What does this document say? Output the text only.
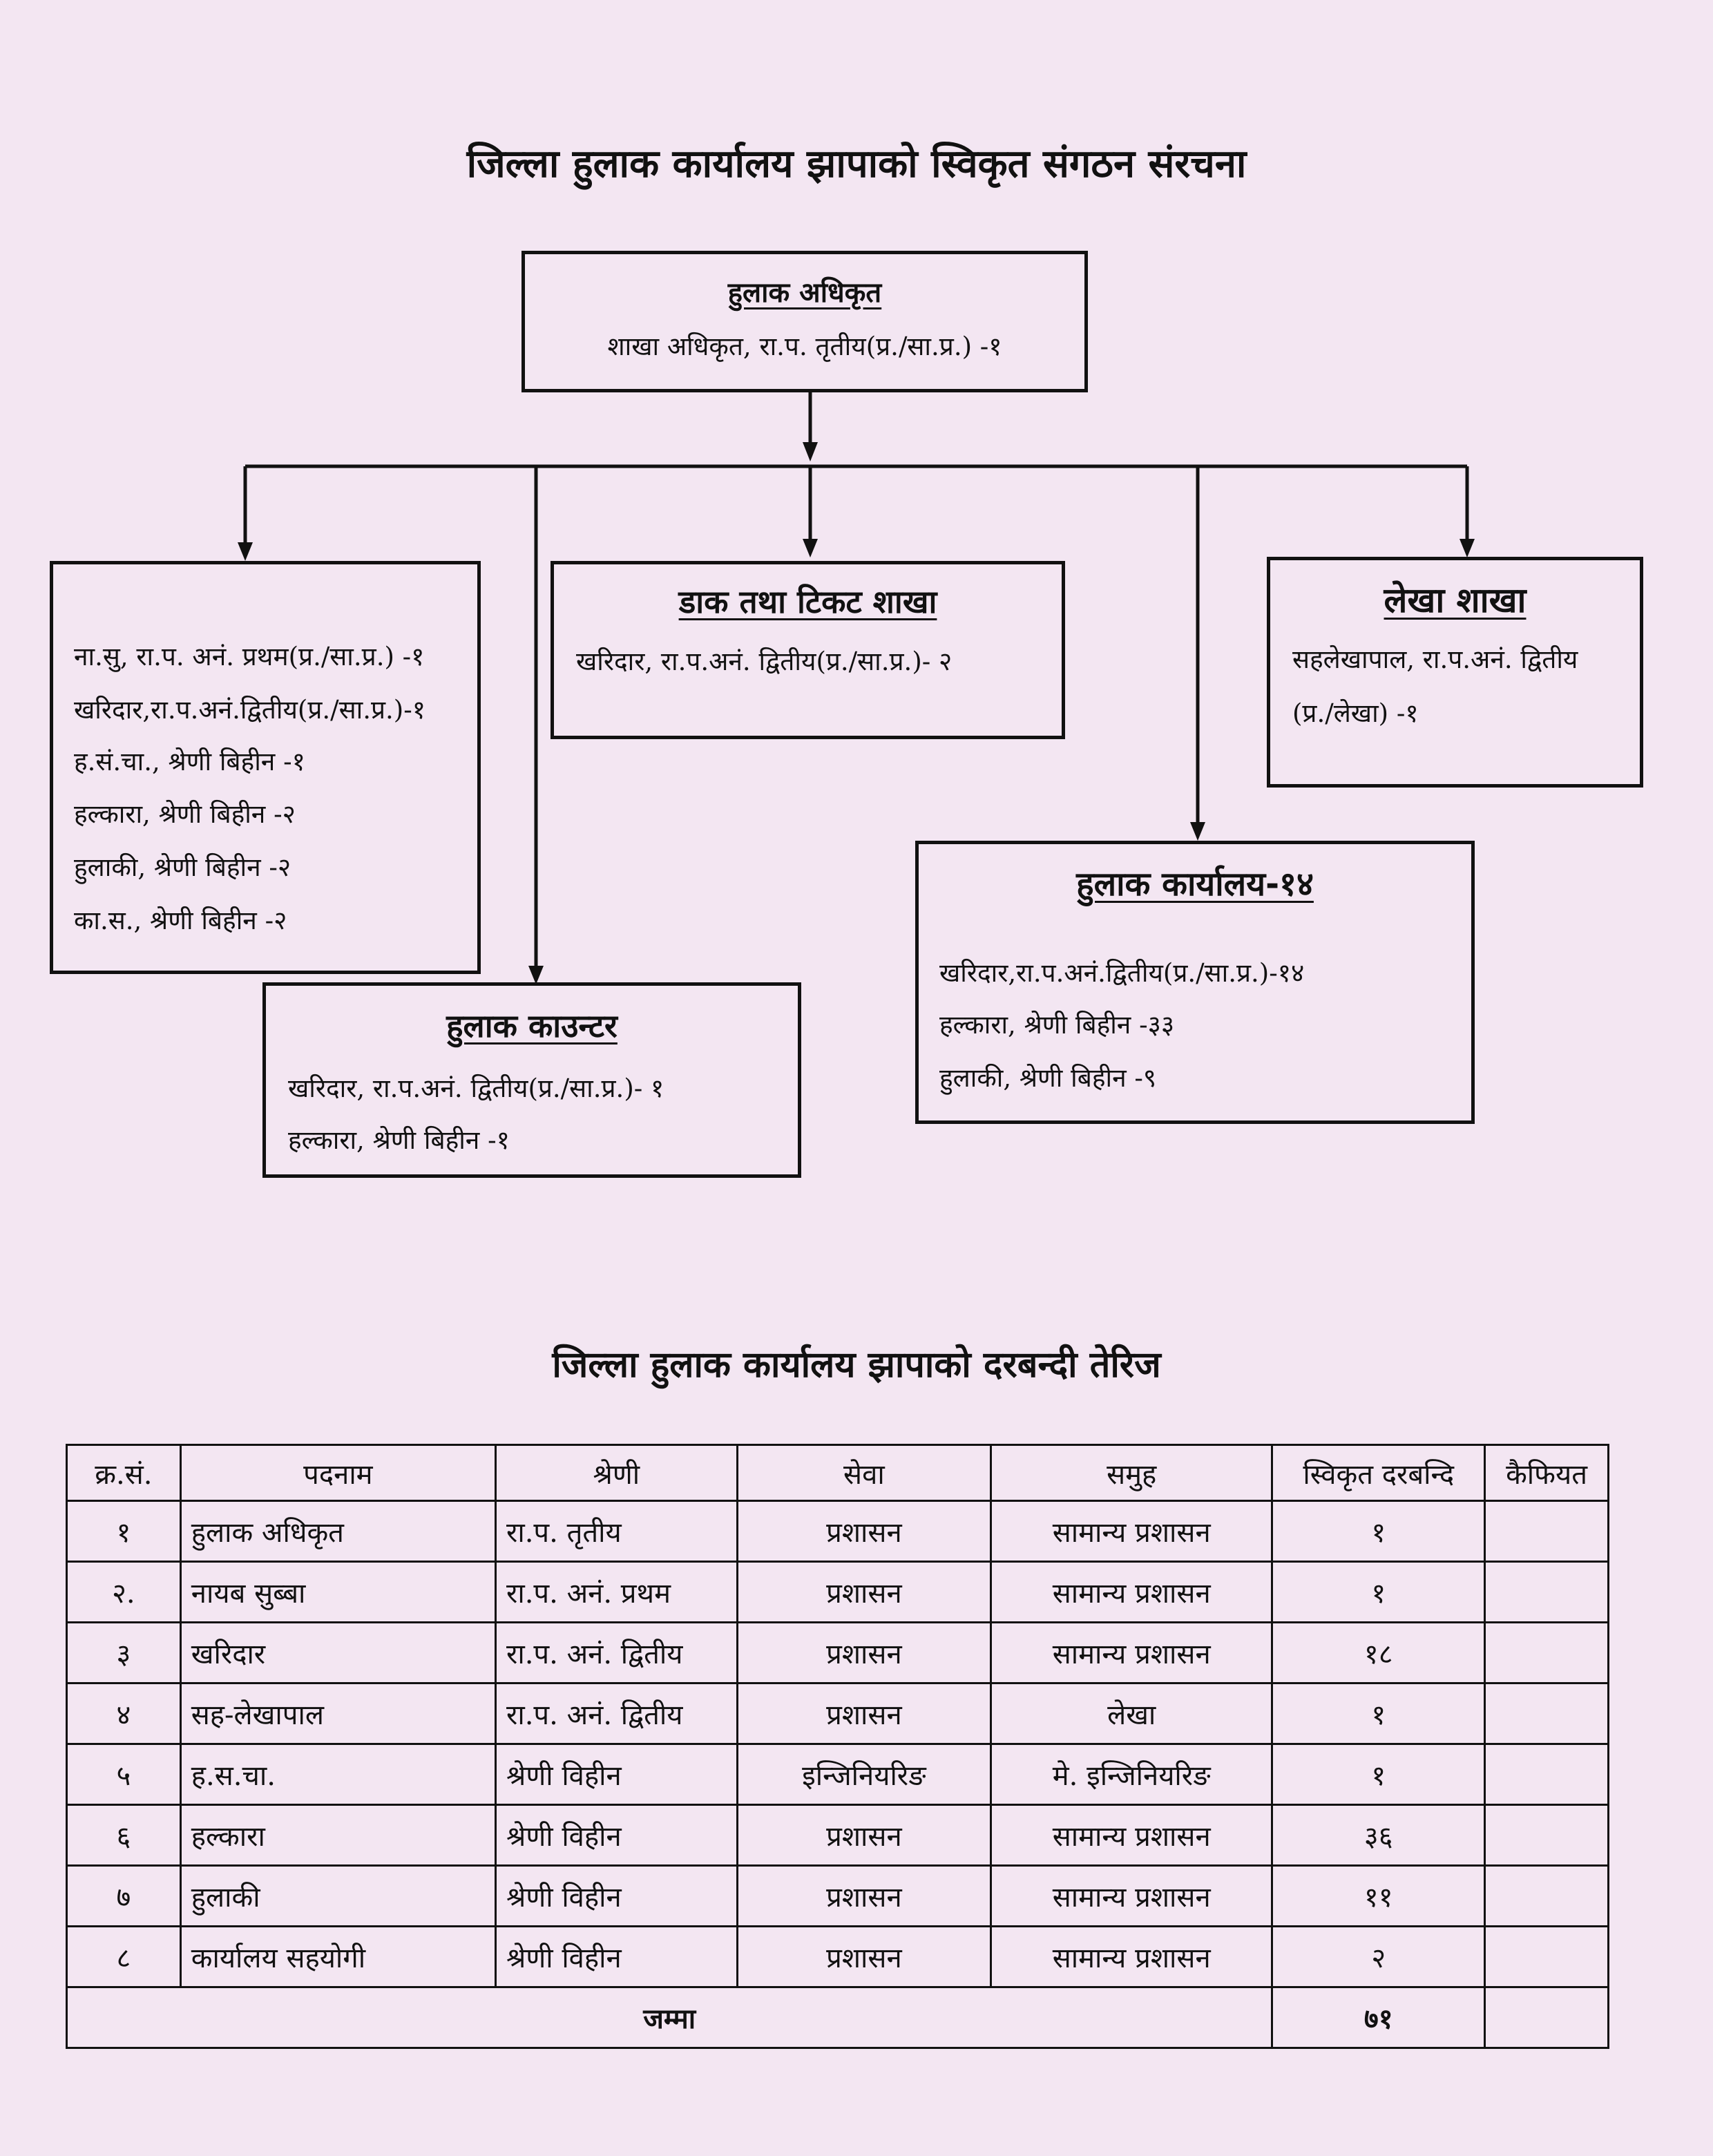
जिल्ला हुलाक कार्यालय झापाको स्विकृत संगठन संरचना
हुलाक अधिकृत
शाखा अधिकृत, रा.प. तृतीय(प्र./सा.प्र.) -१
ना.सु, रा.प. अनं. प्रथम(प्र./सा.प्र.) -१
खरिदार,रा.प.अनं.द्वितीय(प्र./सा.प्र.)-१
ह.सं.चा., श्रेणी बिहीन -१
हल्कारा, श्रेणी बिहीन -२
हुलाकी, श्रेणी बिहीन -२
का.स., श्रेणी बिहीन -२
डाक तथा टिकट शाखा
खरिदार, रा.प.अनं. द्वितीय(प्र./सा.प्र.)- २
लेखा शाखा
सहलेखापाल, रा.प.अनं. द्वितीय
(प्र./लेखा) -१
हुलाक कार्यालय-१४
खरिदार,रा.प.अनं.द्वितीय(प्र./सा.प्र.)-१४
हल्कारा, श्रेणी बिहीन -३३
हुलाकी, श्रेणी बिहीन -९
हुलाक काउन्टर
खरिदार, रा.प.अनं. द्वितीय(प्र./सा.प्र.)- १
हल्कारा, श्रेणी बिहीन -१
जिल्ला हुलाक कार्यालय झापाको दरबन्दी तेरिज
क्र.सं.	पदनाम	श्रेणी	सेवा	समुह	स्विकृत दरबन्दि	कैफियत
१	हुलाक अधिकृत	रा.प. तृतीय	प्रशासन	सामान्य प्रशासन	१	
२.	नायब सुब्बा	रा.प. अनं. प्रथम	प्रशासन	सामान्य प्रशासन	१	
३	खरिदार	रा.प. अनं. द्वितीय	प्रशासन	सामान्य प्रशासन	१८	
४	सह-लेखापाल	रा.प. अनं. द्वितीय	प्रशासन	लेखा	१	
५	ह.स.चा.	श्रेणी विहीन	इन्जिनियरिङ	मे. इन्जिनियरिङ	१	
६	हल्कारा	श्रेणी विहीन	प्रशासन	सामान्य प्रशासन	३६	
७	हुलाकी	श्रेणी विहीन	प्रशासन	सामान्य प्रशासन	११	
८	कार्यालय सहयोगी	श्रेणी विहीन	प्रशासन	सामान्य प्रशासन	२	
जम्मा					७१	
